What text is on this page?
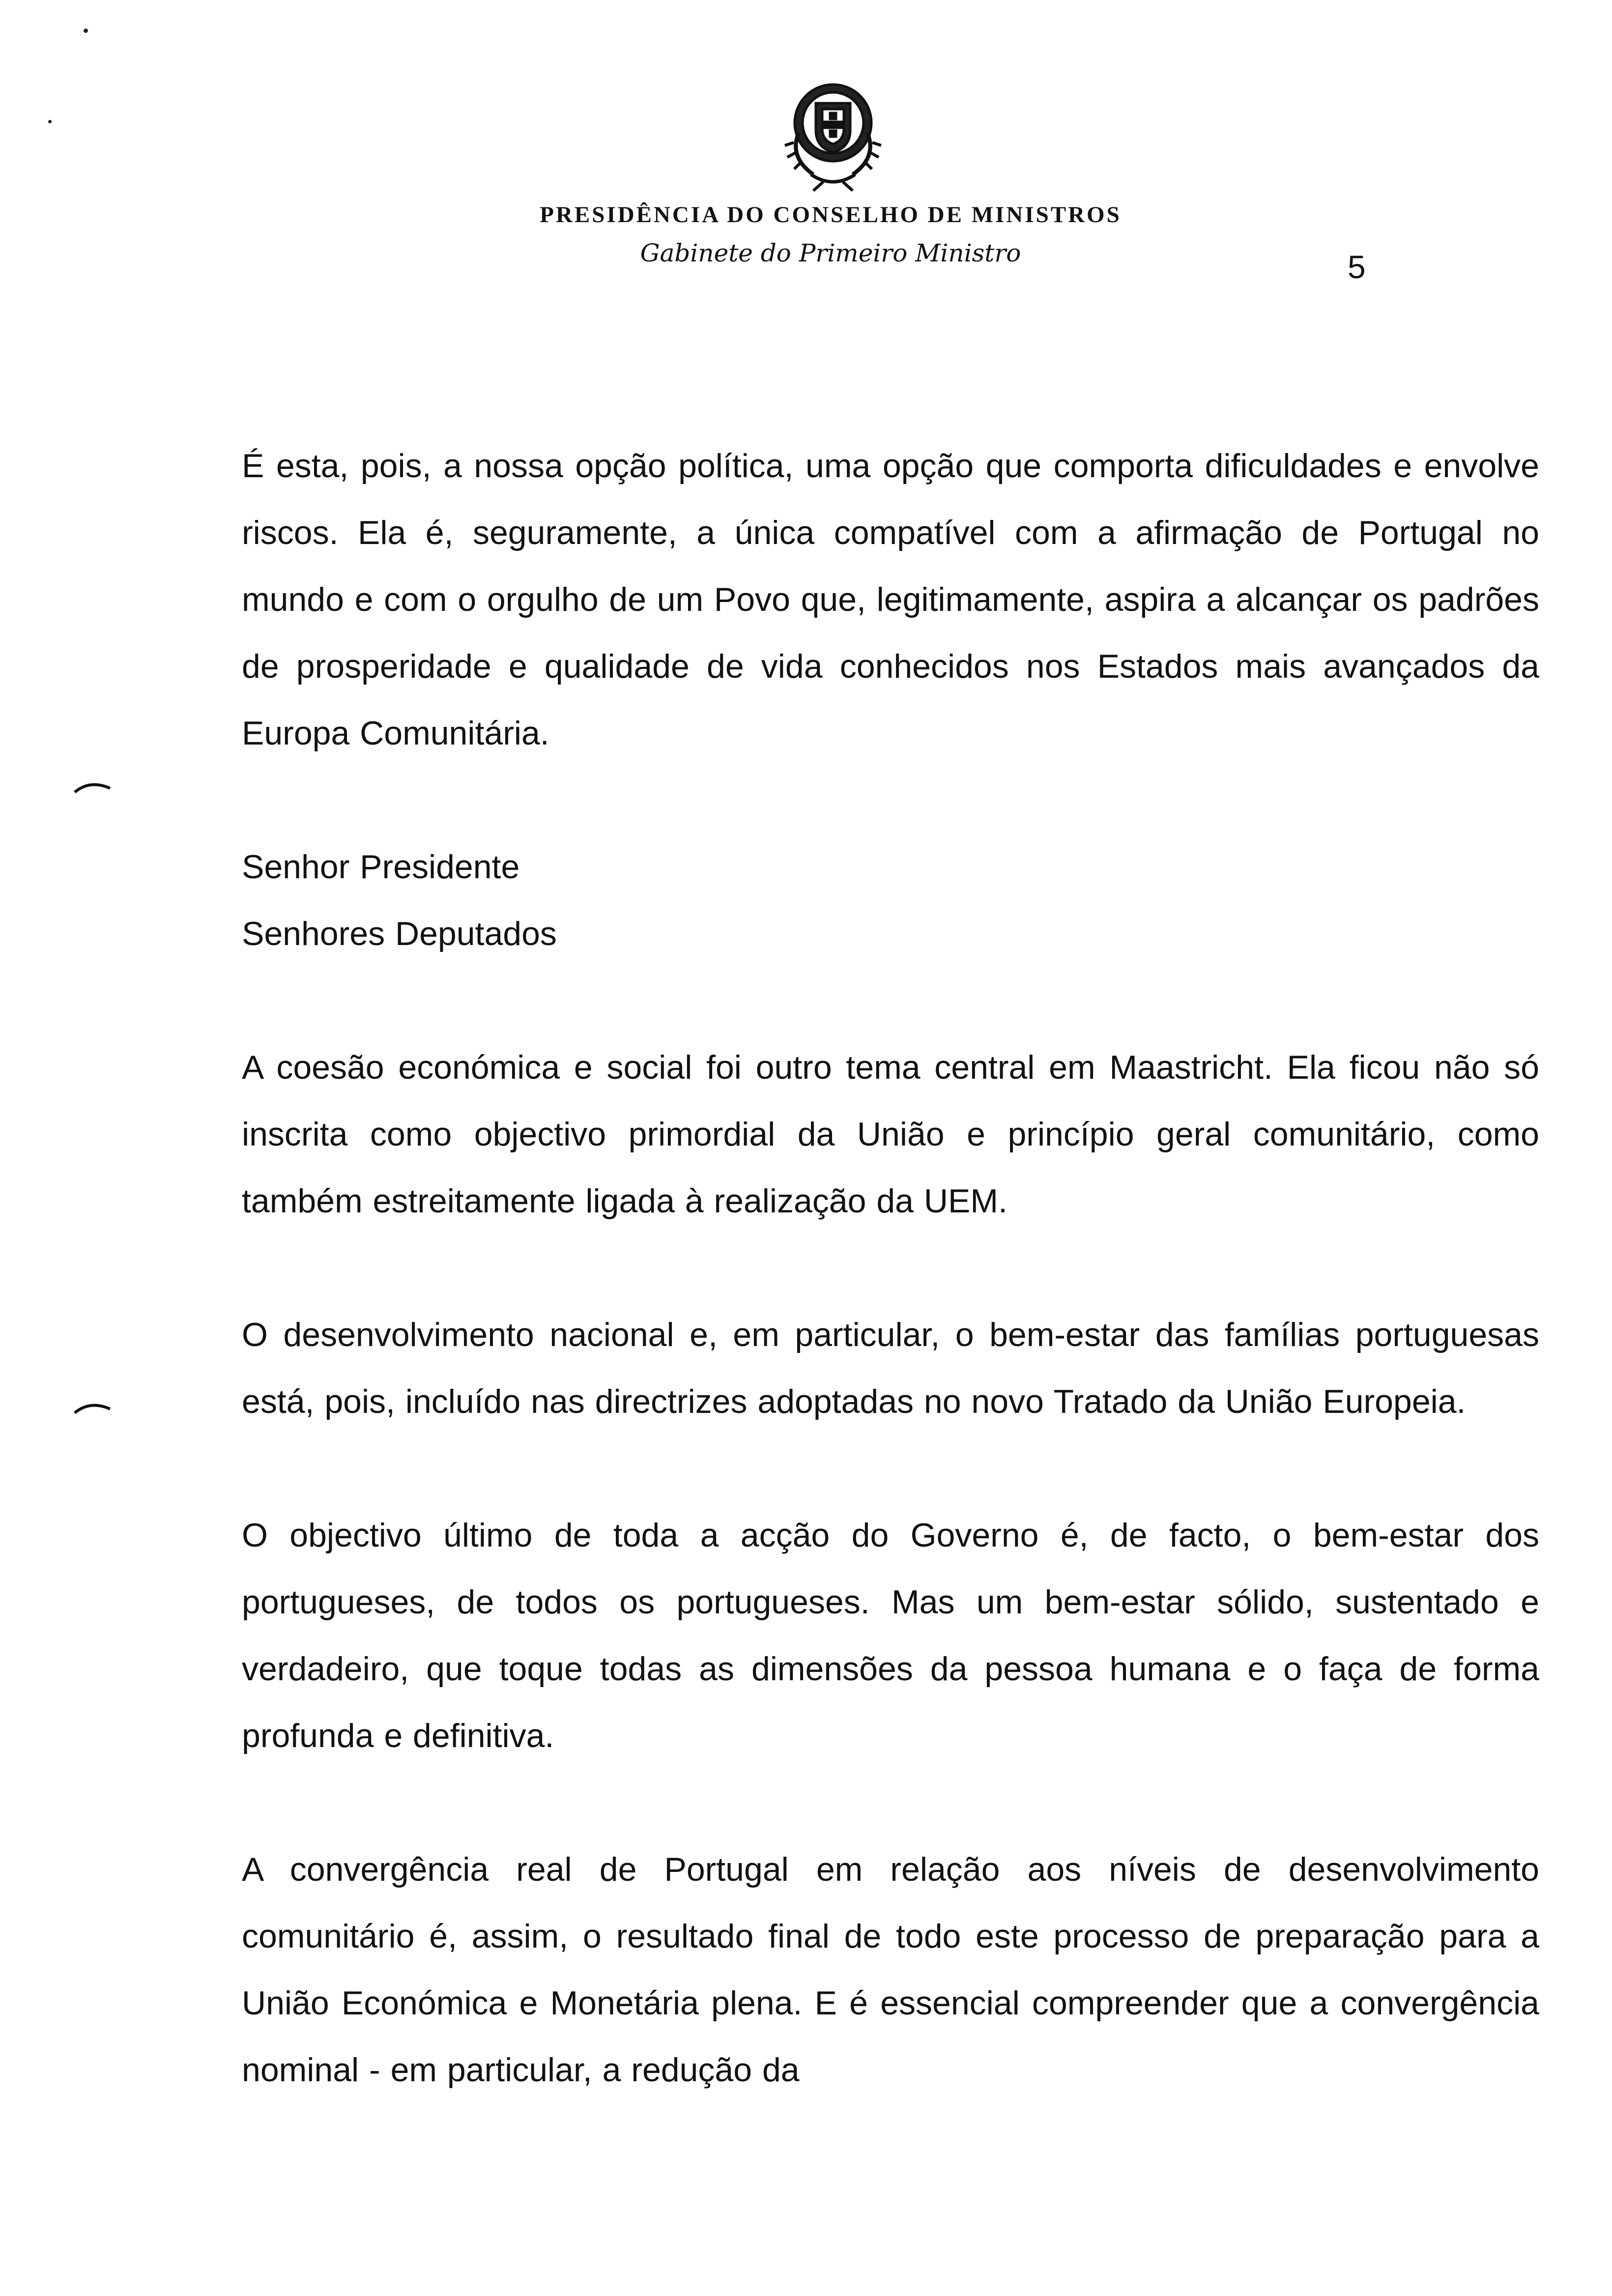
PRESIDÊNCIA DO CONSELHO DE MINISTROS
Gabinete do Primeiro Ministro	5

É esta, pois, a nossa opção política, uma opção que comporta dificuldades e envolve riscos. Ela é, seguramente, a única compatível com a afirmação de Portugal no mundo e com o orgulho de um Povo que, legitimamente, aspira a alcançar os padrões de prosperidade e qualidade de vida conhecidos nos Estados mais avançados da Europa Comunitária.

Senhor Presidente

Senhores Deputados

A coesão económica e social foi outro tema central em Maastricht. Ela ficou não só inscrita como objectivo primordial da União e princípio geral comunitário, como também estreitamente ligada à realização da UEM.

O desenvolvimento nacional e, em particular, o bem-estar das famílias portuguesas está, pois, incluído nas directrizes adoptadas no novo Tratado da União Europeia.

O objectivo último de toda a acção do Governo é, de facto, o bem-estar dos portugueses, de todos os portugueses. Mas um bem-estar sólido, sustentado e verdadeiro, que toque todas as dimensões da pessoa humana e o faça de forma profunda e definitiva.

A convergência real de Portugal em relação aos níveis de desenvolvimento comunitário é, assim, o resultado final de todo este processo de preparação para a União Económica e Monetária plena. E é essencial compreender que a convergência nominal - em particular, a redução da
